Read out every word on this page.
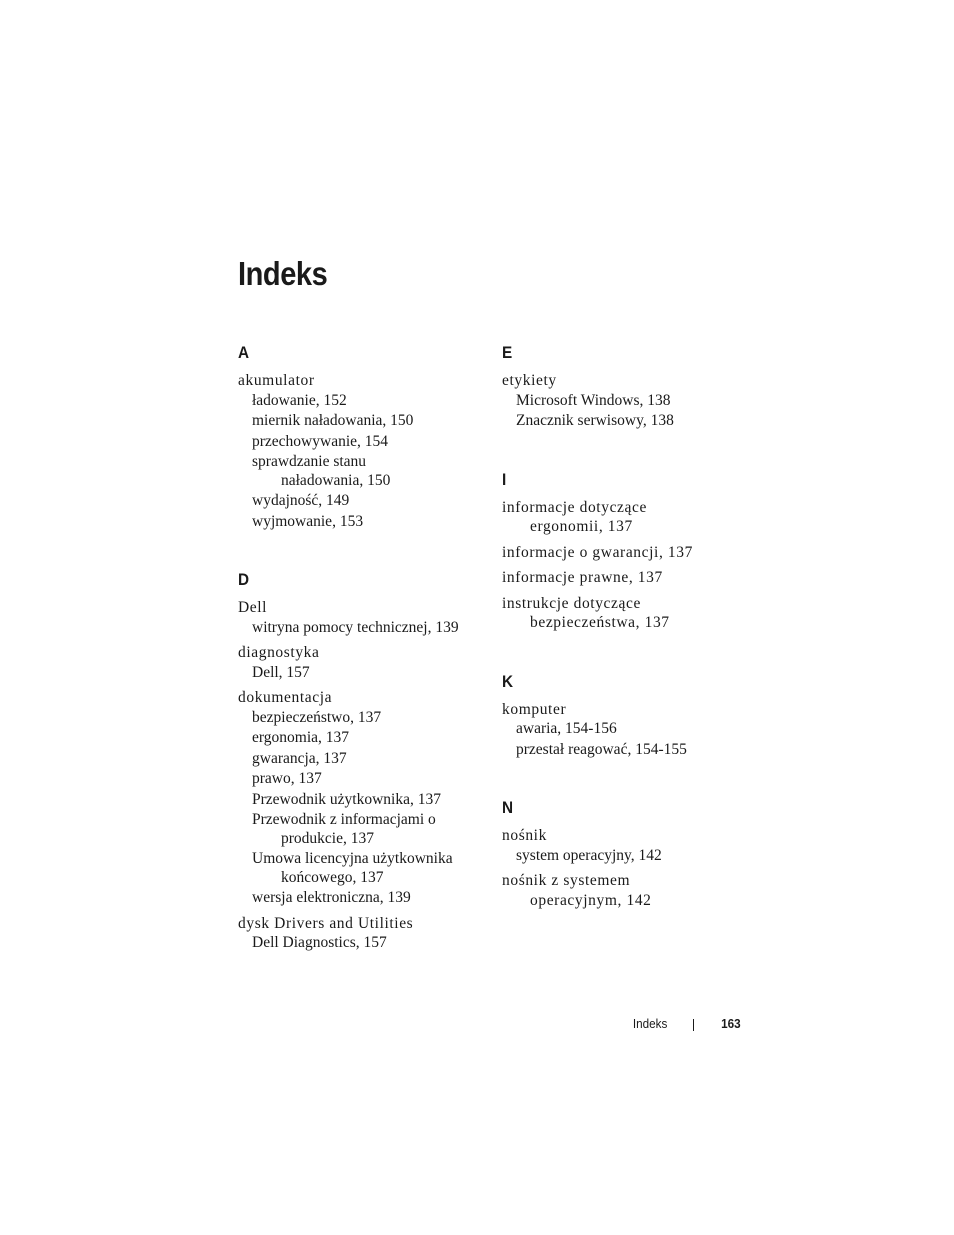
Indeks
A
akumulator
ładowanie, 152
miernik naładowania, 150
przechowywanie, 154
sprawdzanie stanu
naładowania, 150
wydajność, 149
wyjmowanie, 153
D
Dell
witryna pomocy technicznej, 139
diagnostyka
Dell, 157
dokumentacja
bezpieczeństwo, 137
ergonomia, 137
gwarancja, 137
prawo, 137
Przewodnik użytkownika, 137
Przewodnik z informacjami o
produkcie, 137
Umowa licencyjna użytkownika
końcowego, 137
wersja elektroniczna, 139
dysk Drivers and Utilities
Dell Diagnostics, 157
E
etykiety
Microsoft Windows, 138
Znacznik serwisowy, 138
I
informacje dotyczące
ergonomii, 137
informacje o gwarancji, 137
informacje prawne, 137
instrukcje dotyczące
bezpieczeństwa, 137
K
komputer
awaria, 154-156
przestał reagować, 154-155
N
nośnik
system operacyjny, 142
nośnik z systemem
operacyjnym, 142
Indeks	163
